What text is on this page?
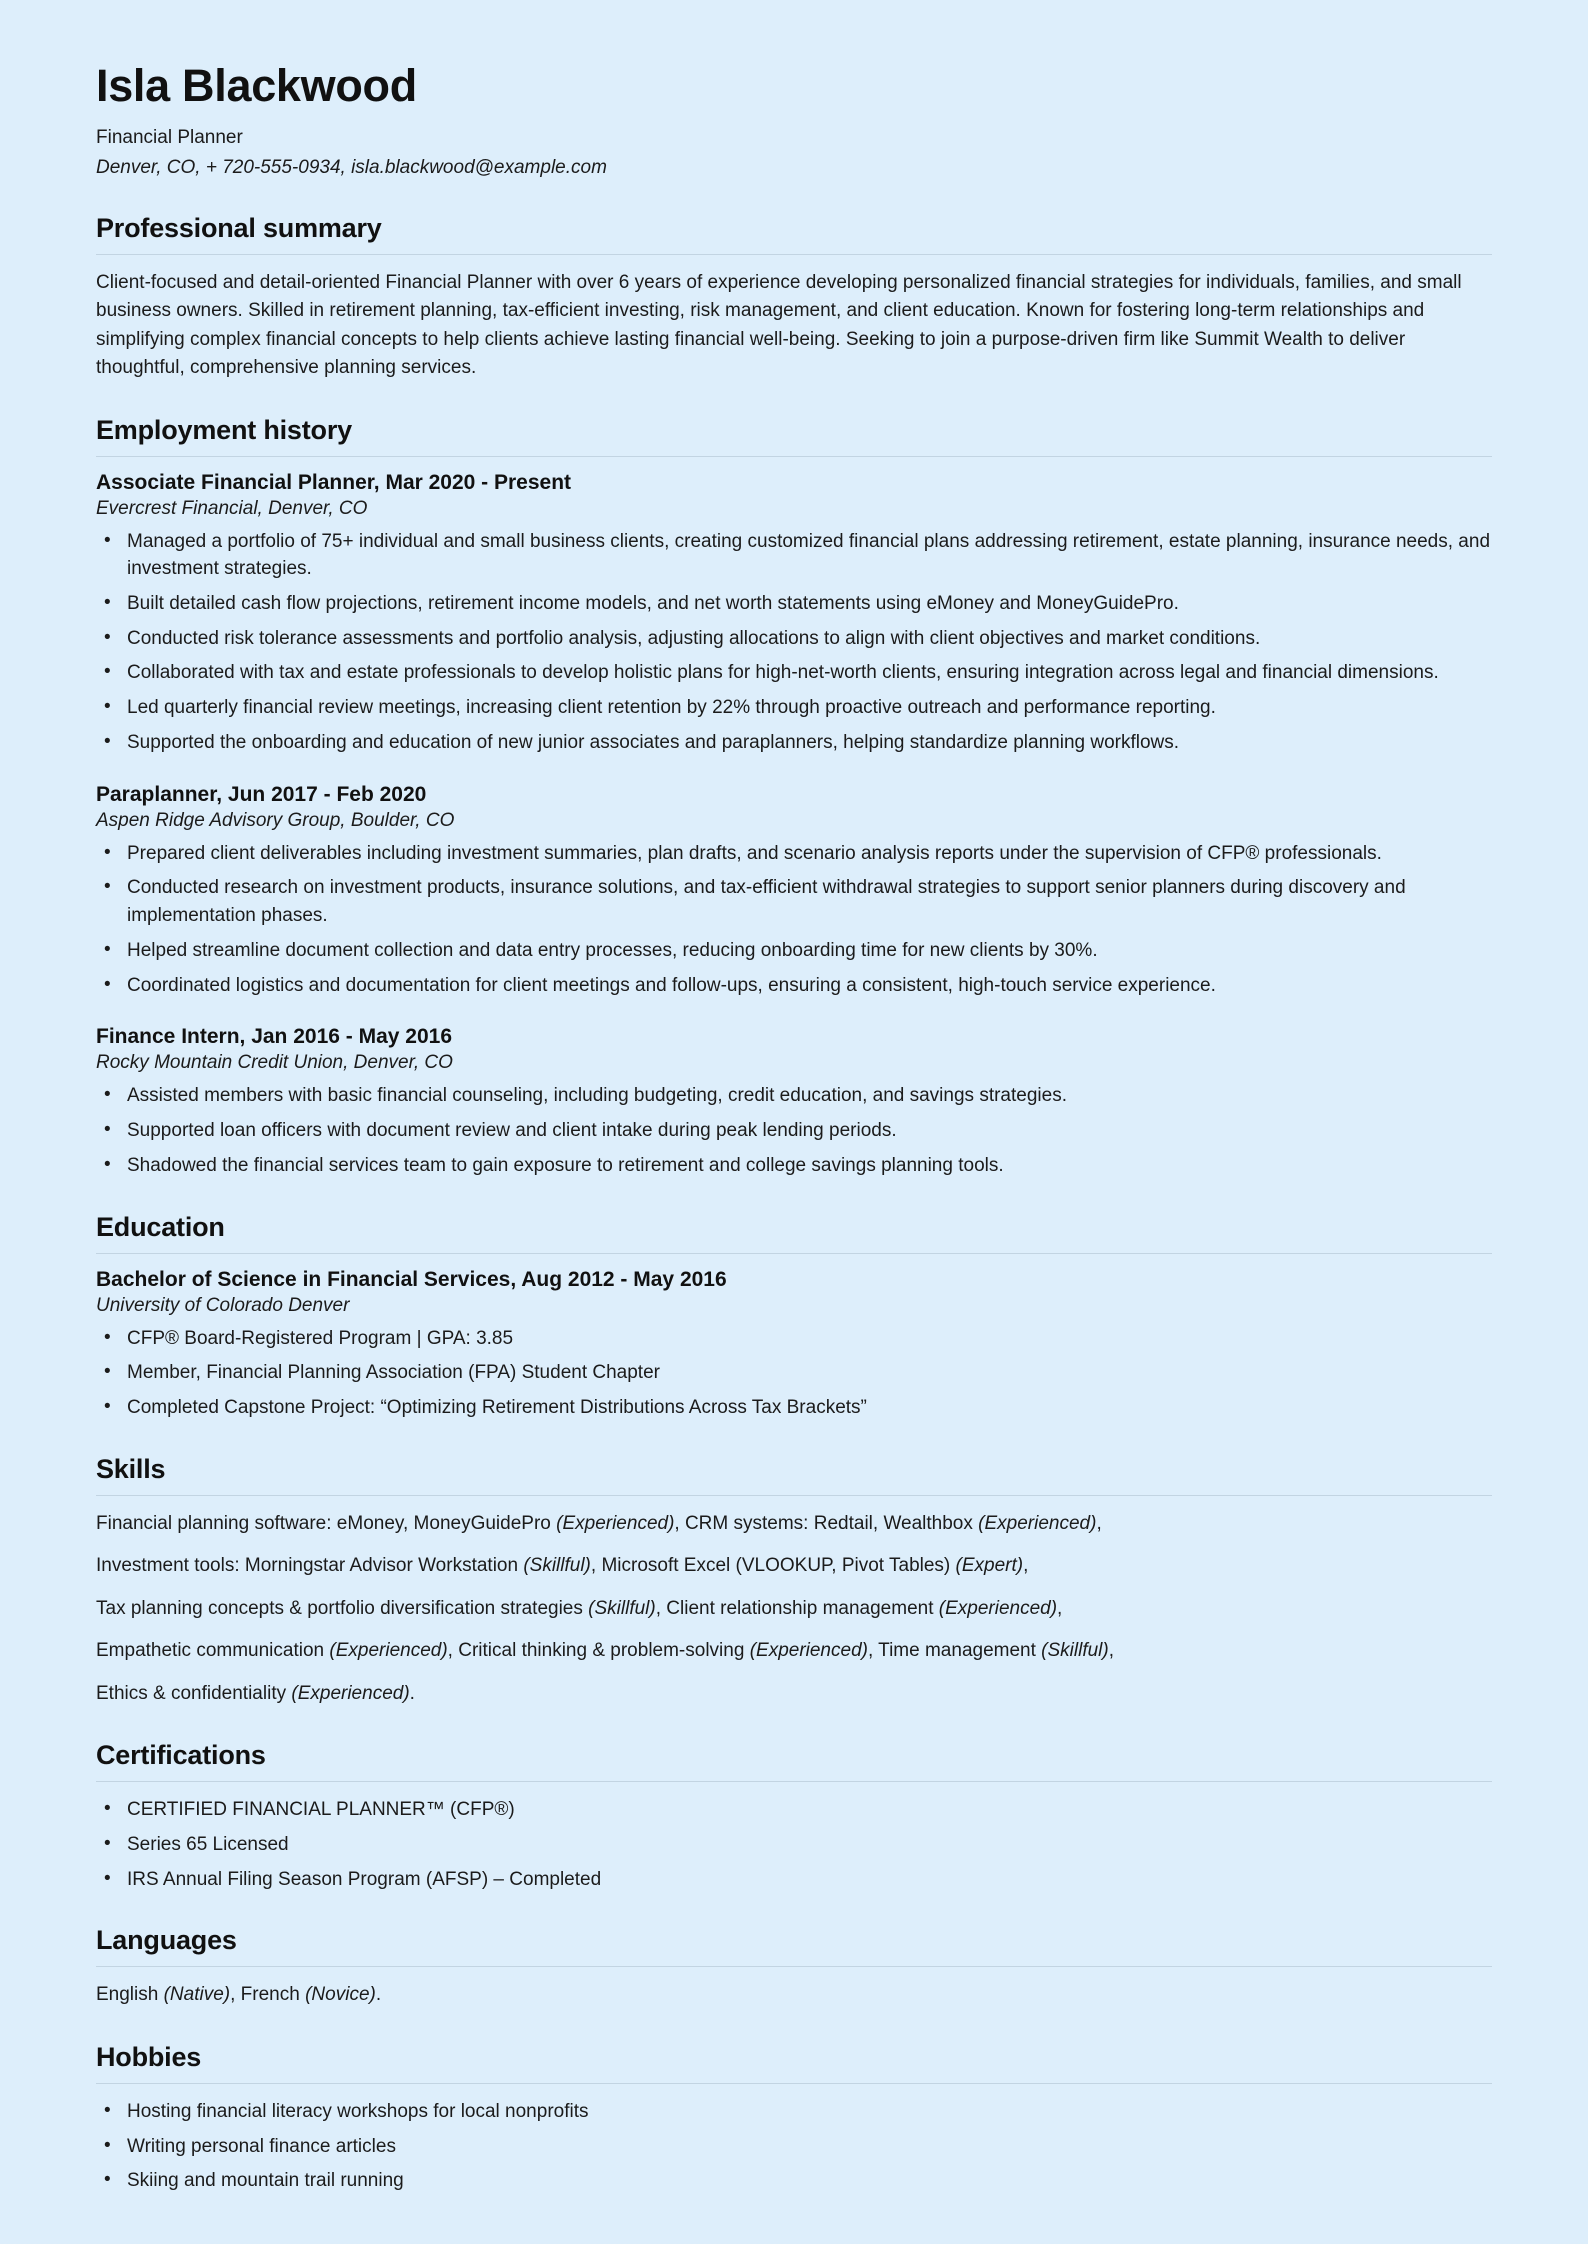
Isla Blackwood

Financial Planner

Denver, CO, + 720-555-0934, isla.blackwood@example.com

Professional summary

Client-focused and detail-oriented Financial Planner with over 6 years of experience developing personalized financial strategies for individuals, families, and small business owners. Skilled in retirement planning, tax-efficient investing, risk management, and client education. Known for fostering long-term relationships and simplifying complex financial concepts to help clients achieve lasting financial well-being. Seeking to join a purpose-driven firm like Summit Wealth to deliver thoughtful, comprehensive planning services.

Employment history
Associate Financial Planner, Mar 2020 - Present
Evercrest Financial, Denver, CO
• Managed a portfolio of 75+ individual and small business clients, creating customized financial plans addressing retirement, estate planning, insurance needs, and investment strategies.
• Built detailed cash flow projections, retirement income models, and net worth statements using eMoney and MoneyGuidePro.
• Conducted risk tolerance assessments and portfolio analysis, adjusting allocations to align with client objectives and market conditions.
• Collaborated with tax and estate professionals to develop holistic plans for high-net-worth clients, ensuring integration across legal and financial dimensions.
• Led quarterly financial review meetings, increasing client retention by 22% through proactive outreach and performance reporting.
• Supported the onboarding and education of new junior associates and paraplanners, helping standardize planning workflows.
Paraplanner, Jun 2017 - Feb 2020
Aspen Ridge Advisory Group, Boulder, CO
• Prepared client deliverables including investment summaries, plan drafts, and scenario analysis reports under the supervision of CFP® professionals.
• Conducted research on investment products, insurance solutions, and tax-efficient withdrawal strategies to support senior planners during discovery and implementation phases.
• Helped streamline document collection and data entry processes, reducing onboarding time for new clients by 30%.
• Coordinated logistics and documentation for client meetings and follow-ups, ensuring a consistent, high-touch service experience.
Finance Intern, Jan 2016 - May 2016
Rocky Mountain Credit Union, Denver, CO
• Assisted members with basic financial counseling, including budgeting, credit education, and savings strategies.
• Supported loan officers with document review and client intake during peak lending periods.
• Shadowed the financial services team to gain exposure to retirement and college savings planning tools.
Education
Bachelor of Science in Financial Services, Aug 2012 - May 2016
University of Colorado Denver
• CFP® Board-Registered Program | GPA: 3.85
• Member, Financial Planning Association (FPA) Student Chapter
• Completed Capstone Project: “Optimizing Retirement Distributions Across Tax Brackets”
Skills

Financial planning software: eMoney, MoneyGuidePro (Experienced), CRM systems: Redtail, Wealthbox (Experienced),

Investment tools: Morningstar Advisor Workstation (Skillful), Microsoft Excel (VLOOKUP, Pivot Tables) (Expert),

Tax planning concepts & portfolio diversification strategies (Skillful), Client relationship management (Experienced),

Empathetic communication (Experienced), Critical thinking & problem-solving (Experienced), Time management (Skillful),

Ethics & confidentiality (Experienced).

Certifications
• CERTIFIED FINANCIAL PLANNER™ (CFP®)
• Series 65 Licensed
• IRS Annual Filing Season Program (AFSP) – Completed
Languages

English (Native), French (Novice).

Hobbies
• Hosting financial literacy workshops for local nonprofits
• Writing personal finance articles
• Skiing and mountain trail running
